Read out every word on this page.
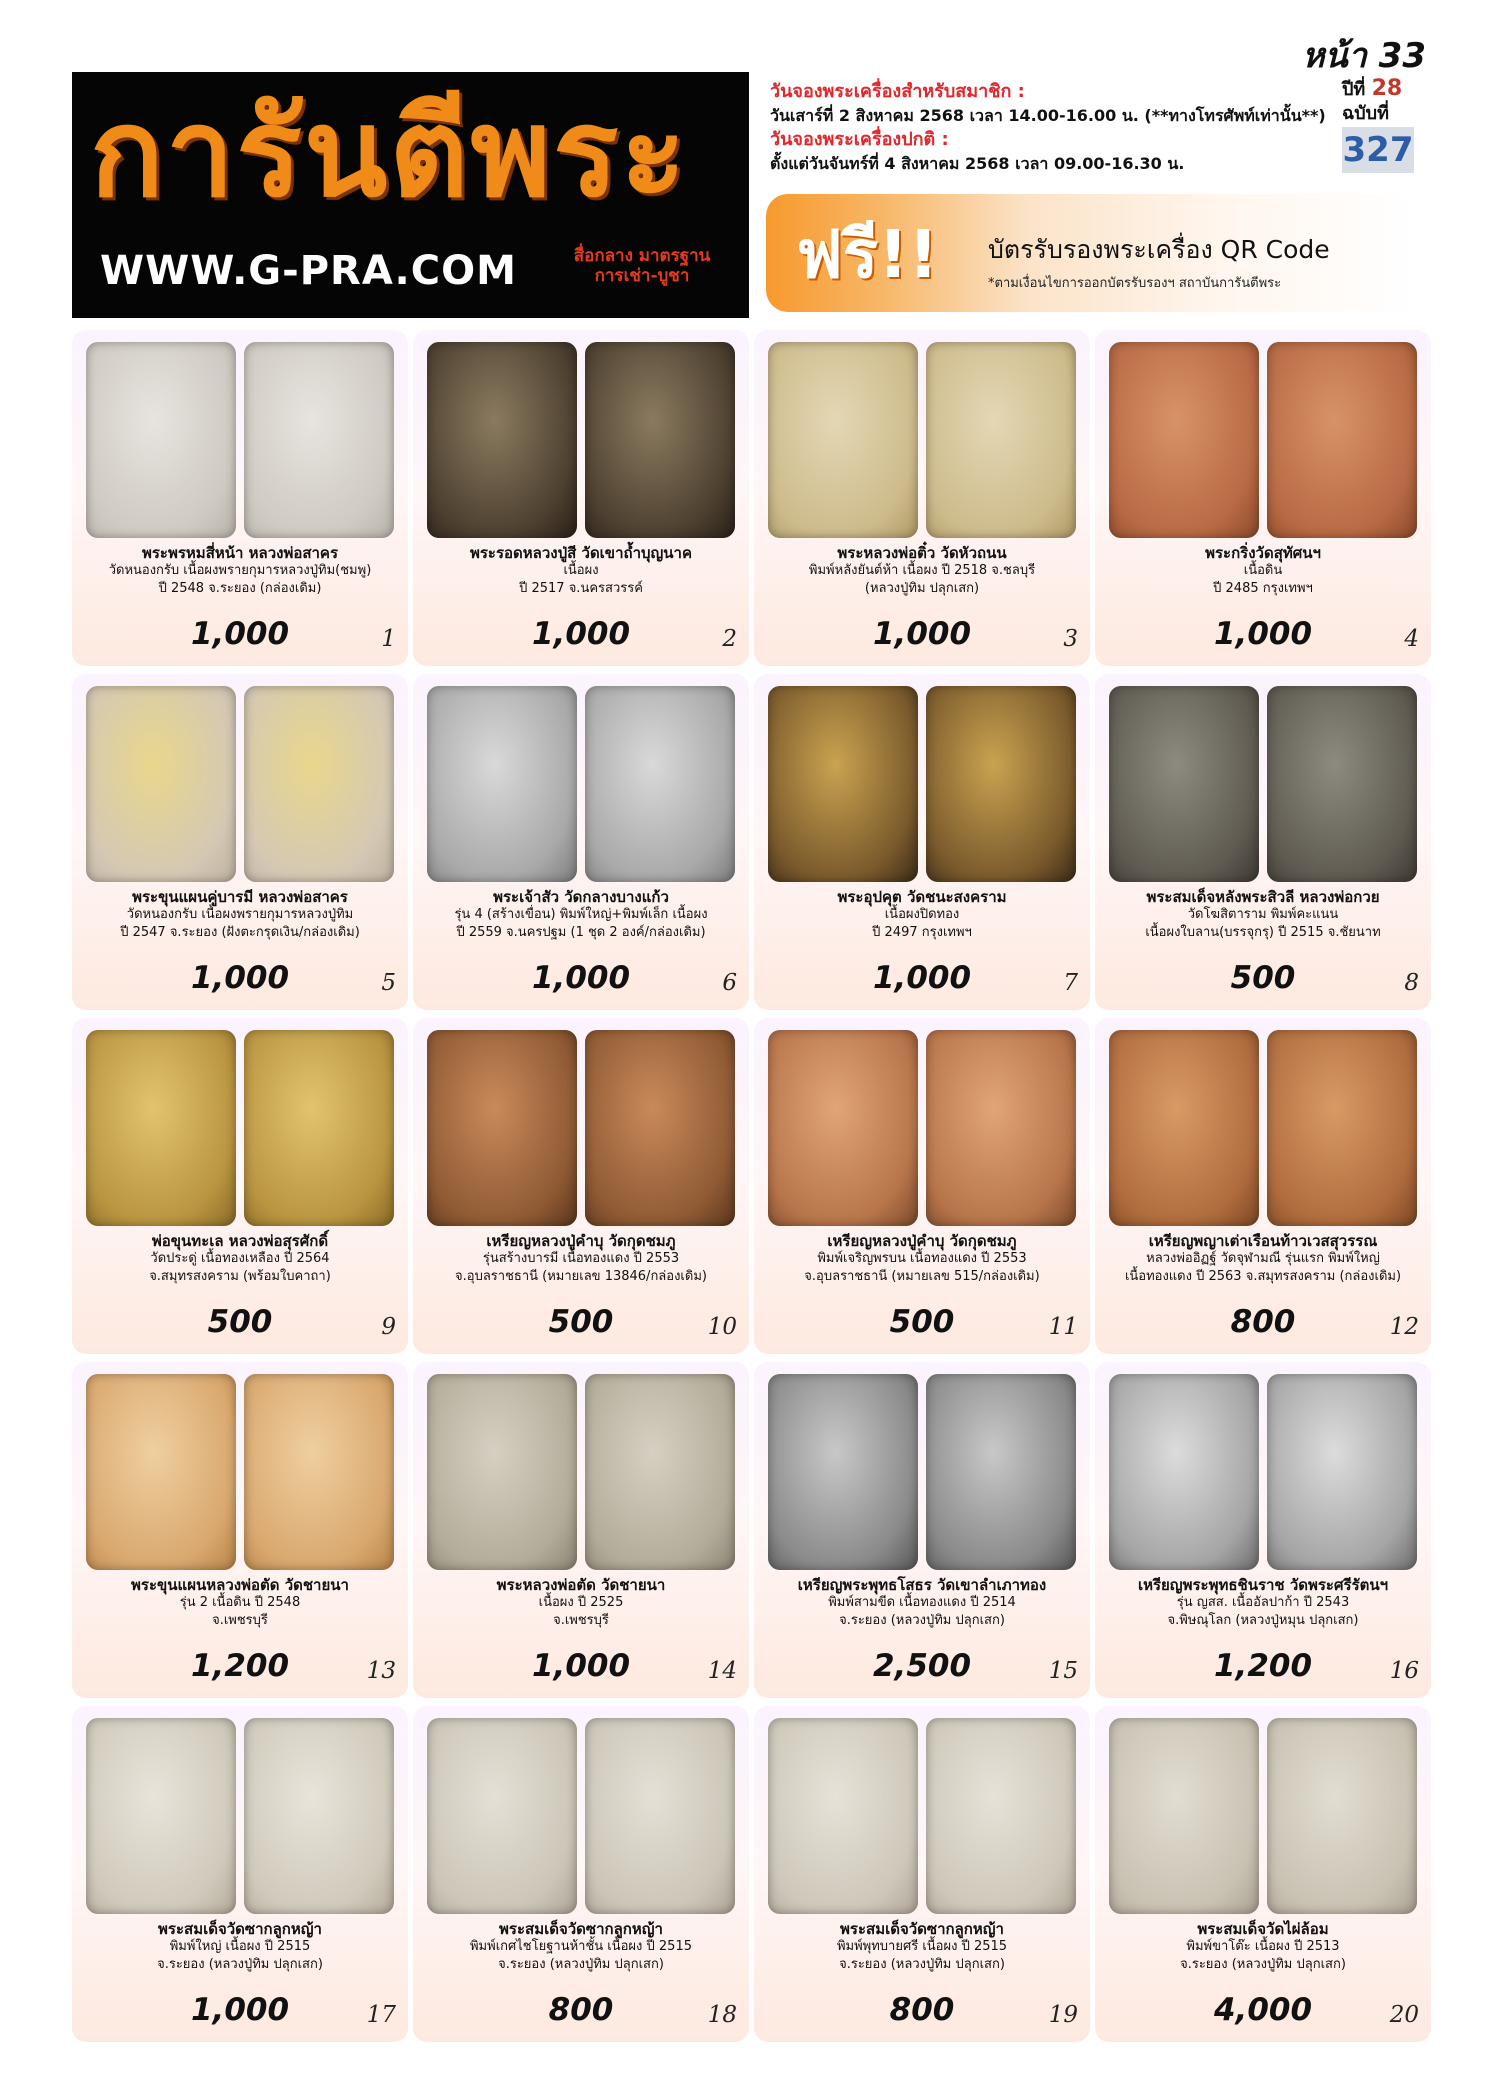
หน้า 33
การันตีพระ
WWW.G-PRA.COM	สื่อกลาง มาตรฐาน
การเช่า-บูชา
วันจองพระเครื่องสำหรับสมาชิก :
วันเสาร์ที่ 2 สิงหาคม 2568 เวลา 14.00-16.00 น. (**ทางโทรศัพท์เท่านั้น**)
วันจองพระเครื่องปกติ :
ตั้งแต่วันจันทร์ที่ 4 สิงหาคม 2568 เวลา 09.00-16.30 น.
ปีที่ 28
ฉบับที่
327
ฟรี!! บัตรรับรองพระเครื่อง QR Code
*ตามเงื่อนไขการออกบัตรรับรองฯ สถาบันการันตีพระ
พระพรหมสี่หน้า หลวงพ่อสาคร
วัดหนองกรับ เนื้อผงพรายกุมารหลวงปู่ทิม(ชมพู)
ปี 2548 จ.ระยอง (กล่องเดิม)
1,000	1
พระรอดหลวงปู่สี วัดเขาถ้ำบุญนาค
เนื้อผง
ปี 2517 จ.นครสวรรค์
1,000	2
พระหลวงพ่อติ๋ว วัดหัวถนน
พิมพ์หลังยันต์ห้า เนื้อผง ปี 2518 จ.ชลบุรี
(หลวงปู่ทิม ปลุกเสก)
1,000	3
พระกริ่งวัดสุทัศนฯ
เนื้อดิน
ปี 2485 กรุงเทพฯ
1,000	4
พระขุนแผนคู่บารมี หลวงพ่อสาคร
วัดหนองกรับ เนื้อผงพรายกุมารหลวงปู่ทิม
ปี 2547 จ.ระยอง (ฝังตะกรุดเงิน/กล่องเดิม)
1,000	5
พระเจ้าสัว วัดกลางบางแก้ว
รุ่น 4 (สร้างเขื่อน) พิมพ์ใหญ่+พิมพ์เล็ก เนื้อผง
ปี 2559 จ.นครปฐม (1 ชุด 2 องค์/กล่องเดิม)
1,000	6
พระอุปคุต วัดชนะสงคราม
เนื้อผงปิดทอง
ปี 2497 กรุงเทพฯ
1,000	7
พระสมเด็จหลังพระสิวลี หลวงพ่อกวย
วัดโฆสิตาราม พิมพ์คะแนน
เนื้อผงใบลาน(บรรจุกรุ) ปี 2515 จ.ชัยนาท
500	8
พ่อขุนทะเล หลวงพ่อสุรศักดิ์
วัดประดู่ เนื้อทองเหลือง ปี 2564
จ.สมุทรสงคราม (พร้อมใบคาถา)
500	9
เหรียญหลวงปู่คำบุ วัดกุดชมภู
รุ่นสร้างบารมี เนื้อทองแดง ปี 2553
จ.อุบลราชธานี (หมายเลข 13846/กล่องเดิม)
500	10
เหรียญหลวงปู่คำบุ วัดกุดชมภู
พิมพ์เจริญพรบน เนื้อทองแดง ปี 2553
จ.อุบลราชธานี (หมายเลข 515/กล่องเดิม)
500	11
เหรียญพญาเต่าเรือนท้าวเวสสุวรรณ
หลวงพ่ออิฏฐ์ วัดจุฬามณี รุ่นแรก พิมพ์ใหญ่
เนื้อทองแดง ปี 2563 จ.สมุทรสงคราม (กล่องเดิม)
800	12
พระขุนแผนหลวงพ่อตัด วัดชายนา
รุ่น 2 เนื้อดิน ปี 2548
จ.เพชรบุรี
1,200	13
พระหลวงพ่อตัด วัดชายนา
เนื้อผง ปี 2525
จ.เพชรบุรี
1,000	14
เหรียญพระพุทธโสธร วัดเขาลำเภาทอง
พิมพ์สามขีด เนื้อทองแดง ปี 2514
จ.ระยอง (หลวงปู่ทิม ปลุกเสก)
2,500	15
เหรียญพระพุทธชินราช วัดพระศรีรัตนฯ
รุ่น ญสส. เนื้ออัลปาก้า ปี 2543
จ.พิษณุโลก (หลวงปู่หมุน ปลุกเสก)
1,200	16
พระสมเด็จวัดซากลูกหญ้า
พิมพ์ใหญ่ เนื้อผง ปี 2515
จ.ระยอง (หลวงปู่ทิม ปลุกเสก)
1,000	17
พระสมเด็จวัดซากลูกหญ้า
พิมพ์เกศไชโยฐานห้าชั้น เนื้อผง ปี 2515
จ.ระยอง (หลวงปู่ทิม ปลุกเสก)
800	18
พระสมเด็จวัดซากลูกหญ้า
พิมพ์พุทบายศรี เนื้อผง ปี 2515
จ.ระยอง (หลวงปู่ทิม ปลุกเสก)
800	19
พระสมเด็จวัดไผ่ล้อม
พิมพ์ขาโต๊ะ เนื้อผง ปี 2513
จ.ระยอง (หลวงปู่ทิม ปลุกเสก)
4,000	20
